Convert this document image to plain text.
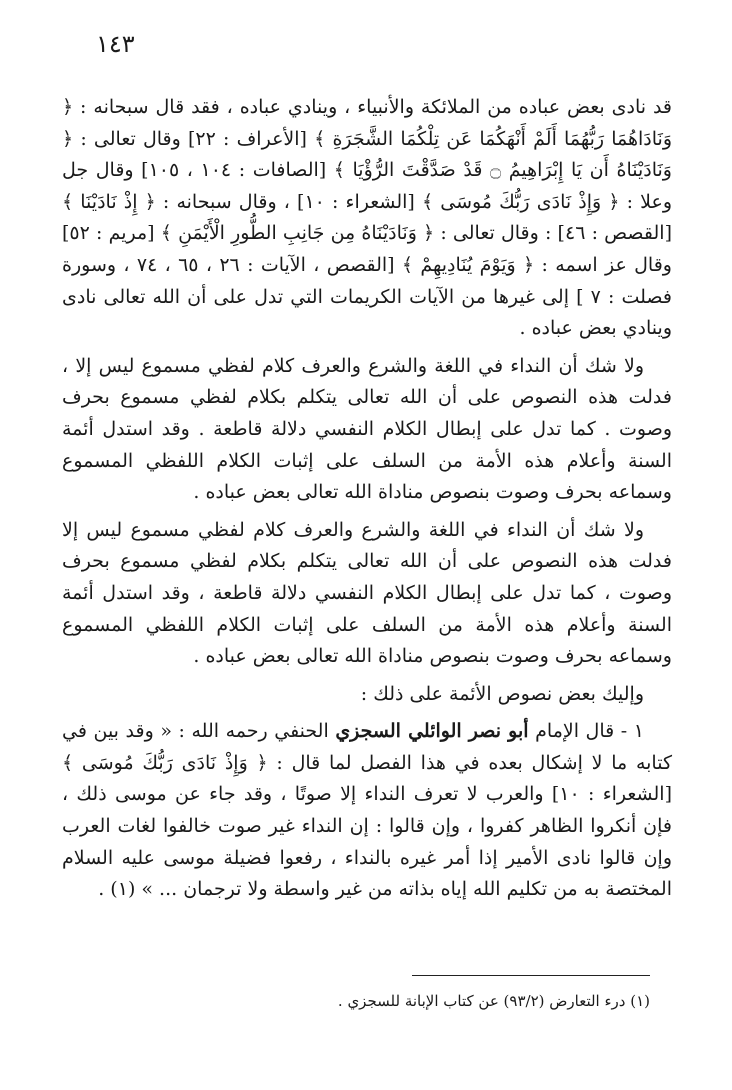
١٤٣

قد نادى بعض عباده من الملائكة والأنبياء ، وينادي عباده ، فقد قال سبحانه : ﴿ وَنَادَاهُمَا رَبُّهُمَا أَلَمْ أَنْهَكُمَا عَن تِلْكُمَا الشَّجَرَةِ ﴾ [الأعراف : ٢٢] وقال تعالى : ﴿ وَنَادَيْنَاهُ أَن يَا إِبْرَاهِيمُ ۝ قَدْ صَدَّقْتَ الرُّؤْيَا ﴾ [الصافات : ١٠٤ ، ١٠٥] وقال جل وعلا : ﴿ وَإِذْ نَادَى رَبُّكَ مُوسَى ﴾ [الشعراء : ١٠] ، وقال سبحانه : ﴿ إِذْ نَادَيْنَا ﴾ [القصص : ٤٦] : وقال تعالى : ﴿ وَنَادَيْنَاهُ مِن جَانِبِ الطُّورِ الْأَيْمَنِ ﴾ [مريم : ٥٢] وقال عز اسمه : ﴿ وَيَوْمَ يُنَادِيهِمْ ﴾ [القصص ، الآيات : ٢٦ ، ٦٥ ، ٧٤ ، وسورة فصلت : ٧ ] إلى غيرها من الآيات الكريمات التي تدل على أن الله تعالى نادى وينادي بعض عباده .

ولا شك أن النداء في اللغة والشرع والعرف كلام لفظي مسموع ليس إلا ، فدلت هذه النصوص على أن الله تعالى يتكلم بكلام لفظي مسموع بحرف وصوت . كما تدل على إبطال الكلام النفسي دلالة قاطعة . وقد استدل أئمة السنة وأعلام هذه الأمة من السلف على إثبات الكلام اللفظي المسموع وسماعه بحرف وصوت بنصوص مناداة الله تعالى بعض عباده .

ولا شك أن النداء في اللغة والشرع والعرف كلام لفظي مسموع ليس إلا فدلت هذه النصوص على أن الله تعالى يتكلم بكلام لفظي مسموع بحرف وصوت ، كما تدل على إبطال الكلام النفسي دلالة قاطعة ، وقد استدل أئمة السنة وأعلام هذه الأمة من السلف على إثبات الكلام اللفظي المسموع وسماعه بحرف وصوت بنصوص مناداة الله تعالى بعض عباده .

وإليك بعض نصوص الأئمة على ذلك :

١ - قال الإمام أبو نصر الوائلي السجزي الحنفي رحمه الله : « وقد بين في كتابه ما لا إشكال بعده في هذا الفصل لما قال : ﴿ وَإِذْ نَادَى رَبُّكَ مُوسَى ﴾ [الشعراء : ١٠] والعرب لا تعرف النداء إلا صوتًا ، وقد جاء عن موسى ذلك ، فإن أنكروا الظاهر كفروا ، وإن قالوا : إن النداء غير صوت خالفوا لغات العرب وإن قالوا نادى الأمير إذا أمر غيره بالنداء ، رفعوا فضيلة موسى عليه السلام المختصة به من تكليم الله إياه بذاته من غير واسطة ولا ترجمان ... » (١) .

(١) درء التعارض (٩٣/٢) عن كتاب الإبانة للسجزي .
